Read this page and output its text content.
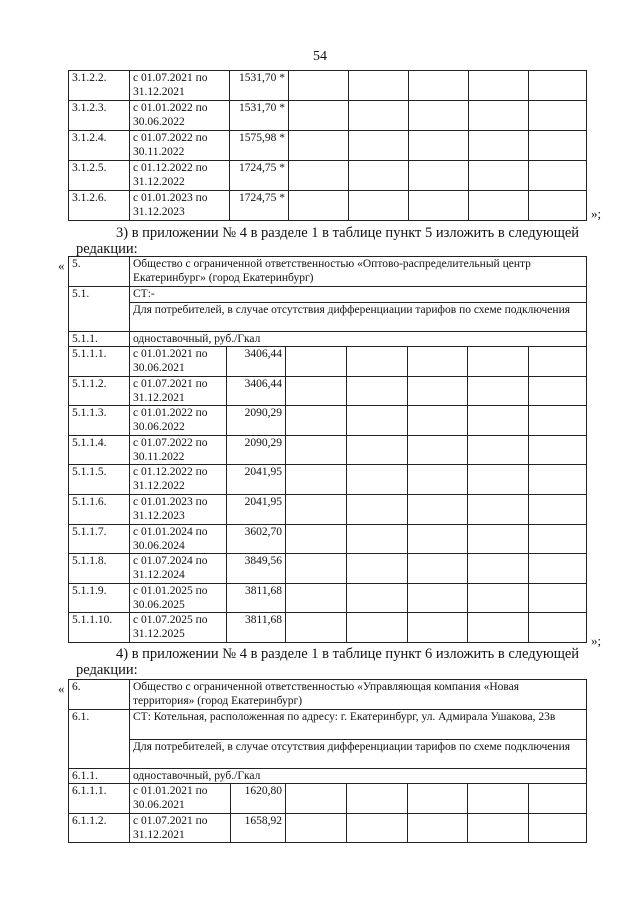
54
3.1.2.2.	с 01.07.2021 по 31.12.2021	1531,70 *					
3.1.2.3.	с 01.01.2022 по 30.06.2022	1531,70 *					
3.1.2.4.	с 01.07.2022 по 30.11.2022	1575,98 *					
3.1.2.5.	с 01.12.2022 по 31.12.2022	1724,75 *					
3.1.2.6.	с 01.01.2023 по 31.12.2023	1724,75 *					
»;
3) в приложении № 4 в разделе 1 в таблице пункт 5 изложить в следующей редакции:
« 5.	Общество с ограниченной ответственностью «Оптово-распределительный центр Екатеринбург» (город Екатеринбург)						
5.1.	СТ:-						
	Для потребителей, в случае отсутствия дифференциации тарифов по схеме подключения						
5.1.1.	одноставочный, руб./Гкал						
5.1.1.1.	с 01.01.2021 по 30.06.2021	3406,44					
5.1.1.2.	с 01.07.2021 по 31.12.2021	3406,44					
5.1.1.3.	с 01.01.2022 по 30.06.2022	2090,29					
5.1.1.4.	с 01.07.2022 по 30.11.2022	2090,29					
5.1.1.5.	с 01.12.2022 по 31.12.2022	2041,95					
5.1.1.6.	с 01.01.2023 по 31.12.2023	2041,95					
5.1.1.7.	с 01.01.2024 по 30.06.2024	3602,70					
5.1.1.8.	с 01.07.2024 по 31.12.2024	3849,56					
5.1.1.9.	с 01.01.2025 по 30.06.2025	3811,68					
5.1.1.10.	с 01.07.2025 по 31.12.2025	3811,68					
»;
4) в приложении № 4 в разделе 1 в таблице пункт 6 изложить в следующей редакции:
« 6.	Общество с ограниченной ответственностью «Управляющая компания «Новая территория» (город Екатеринбург)						
6.1.	СТ: Котельная, расположенная по адресу: г. Екатеринбург, ул. Адмирала Ушакова, 23в						
	Для потребителей, в случае отсутствия дифференциации тарифов по схеме подключения						
6.1.1.	одноставочный, руб./Гкал						
6.1.1.1.	с 01.01.2021 по 30.06.2021	1620,80					
6.1.1.2.	с 01.07.2021 по 31.12.2021	1658,92					
